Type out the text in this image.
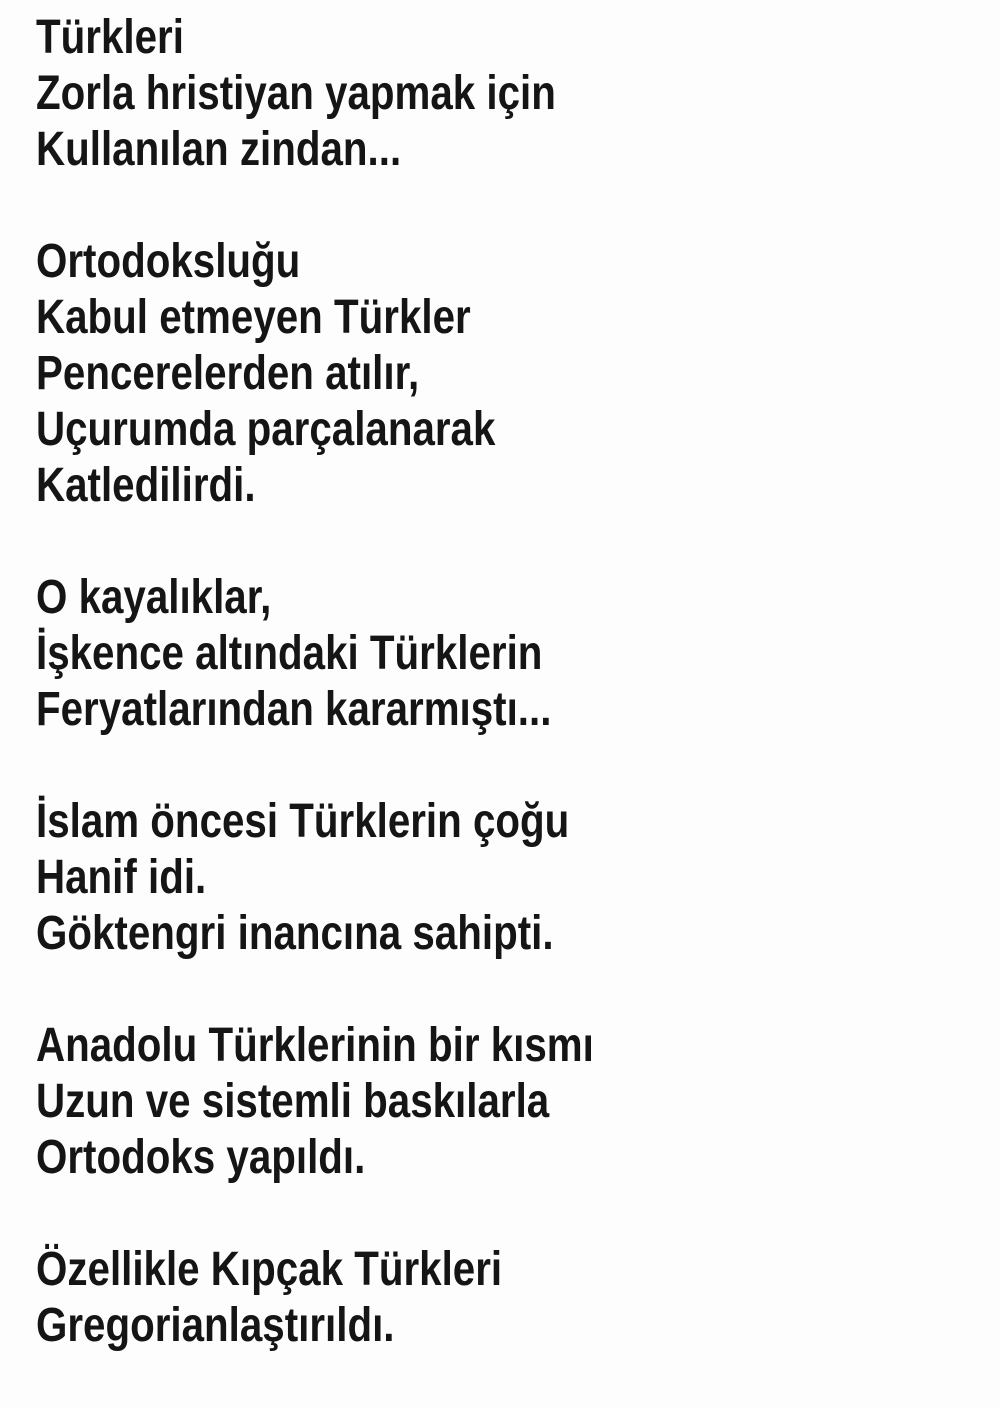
Türkleri
Zorla hristiyan yapmak için
Kullanılan zindan...

Ortodoksluğu
Kabul etmeyen Türkler
Pencerelerden atılır,
Uçurumda parçalanarak
Katledilirdi.

O kayalıklar,
İşkence altındaki Türklerin
Feryatlarından kararmıştı...

İslam öncesi Türklerin çoğu
Hanif idi.
Göktengri inancına sahipti.

Anadolu Türklerinin bir kısmı
Uzun ve sistemli baskılarla
Ortodoks yapıldı.

Özellikle Kıpçak Türkleri
Gregorianlaştırıldı.
